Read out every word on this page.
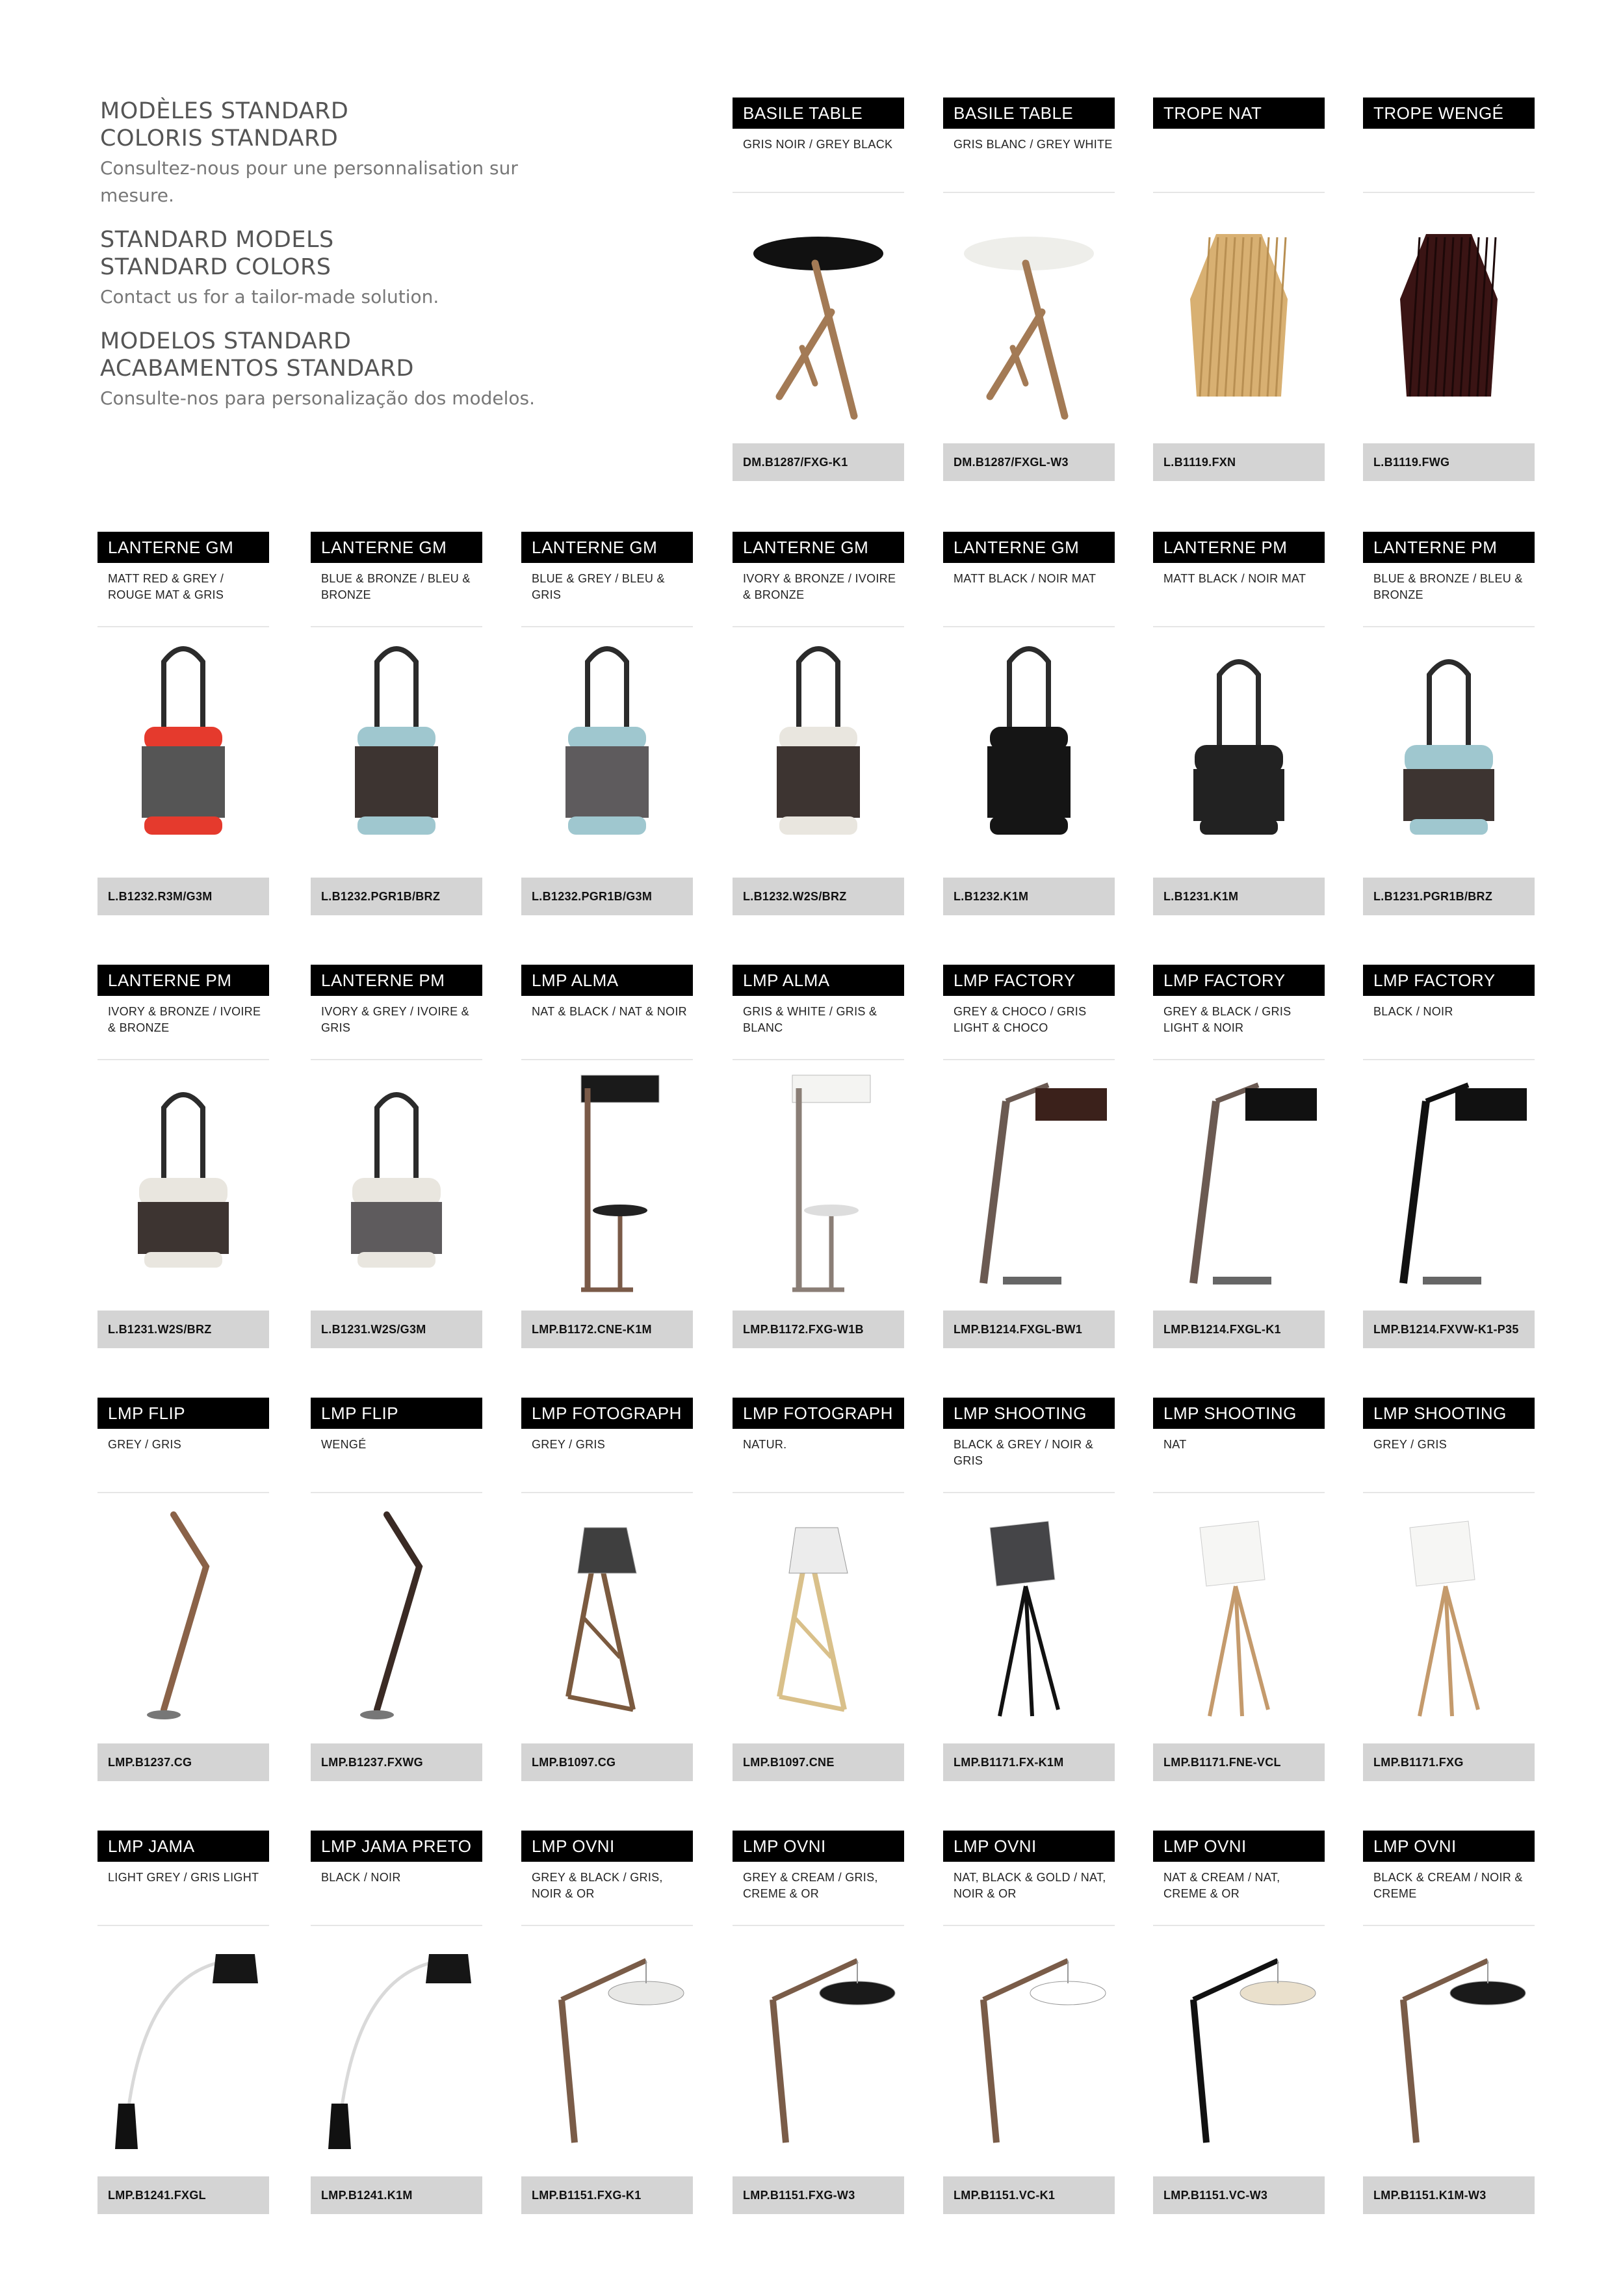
MODÈLES STANDARD
COLORIS STANDARD
Consultez-nous pour une personnalisation sur mesure.
STANDARD MODELS
STANDARD COLORS
Contact us for a tailor-made solution.
MODELOS STANDARD
ACABAMENTOS STANDARD
Consulte-nos para personalização dos modelos.
BASILE TABLE
GRIS NOIR / GREY BLACK
DM.B1287/FXG-K1
BASILE TABLE
GRIS BLANC / GREY WHITE
DM.B1287/FXGL-W3
TROPE NAT
L.B1119.FXN
TROPE WENGÉ
L.B1119.FWG
LANTERNE GM
MATT RED & GREY / ROUGE MAT & GRIS
L.B1232.R3M/G3M
LANTERNE GM
BLUE & BRONZE / BLEU & BRONZE
L.B1232.PGR1B/BRZ
LANTERNE GM
BLUE & GREY / BLEU & GRIS
L.B1232.PGR1B/G3M
LANTERNE GM
IVORY & BRONZE / IVOIRE & BRONZE
L.B1232.W2S/BRZ
LANTERNE GM
MATT BLACK / NOIR MAT
L.B1232.K1M
LANTERNE PM
MATT BLACK / NOIR MAT
L.B1231.K1M
LANTERNE PM
BLUE & BRONZE / BLEU & BRONZE
L.B1231.PGR1B/BRZ
LANTERNE PM
IVORY & BRONZE / IVOIRE & BRONZE
L.B1231.W2S/BRZ
LANTERNE PM
IVORY & GREY / IVOIRE & GRIS
L.B1231.W2S/G3M
LMP ALMA
NAT & BLACK / NAT & NOIR
LMP.B1172.CNE-K1M
LMP ALMA
GRIS & WHITE / GRIS & BLANC
LMP.B1172.FXG-W1B
LMP FACTORY
GREY & CHOCO / GRIS LIGHT & CHOCO
LMP.B1214.FXGL-BW1
LMP FACTORY
GREY & BLACK / GRIS LIGHT & NOIR
LMP.B1214.FXGL-K1
LMP FACTORY
BLACK / NOIR
LMP.B1214.FXVW-K1-P35
LMP FLIP
GREY / GRIS
LMP.B1237.CG
LMP FLIP
WENGÉ
LMP.B1237.FXWG
LMP FOTOGRAPH
GREY / GRIS
LMP.B1097.CG
LMP FOTOGRAPH
NATUR.
LMP.B1097.CNE
LMP SHOOTING
BLACK & GREY / NOIR & GRIS
LMP.B1171.FX-K1M
LMP SHOOTING
NAT
LMP.B1171.FNE-VCL
LMP SHOOTING
GREY / GRIS
LMP.B1171.FXG
LMP JAMA
LIGHT GREY / GRIS LIGHT
LMP.B1241.FXGL
LMP JAMA PRETO
BLACK / NOIR
LMP.B1241.K1M
LMP OVNI
GREY & BLACK / GRIS, NOIR & OR
LMP.B1151.FXG-K1
LMP OVNI
GREY & CREAM / GRIS, CREME & OR
LMP.B1151.FXG-W3
LMP OVNI
NAT, BLACK & GOLD / NAT, NOIR & OR
LMP.B1151.VC-K1
LMP OVNI
NAT & CREAM / NAT, CREME & OR
LMP.B1151.VC-W3
LMP OVNI
BLACK & CREAM / NOIR & CREME
LMP.B1151.K1M-W3
